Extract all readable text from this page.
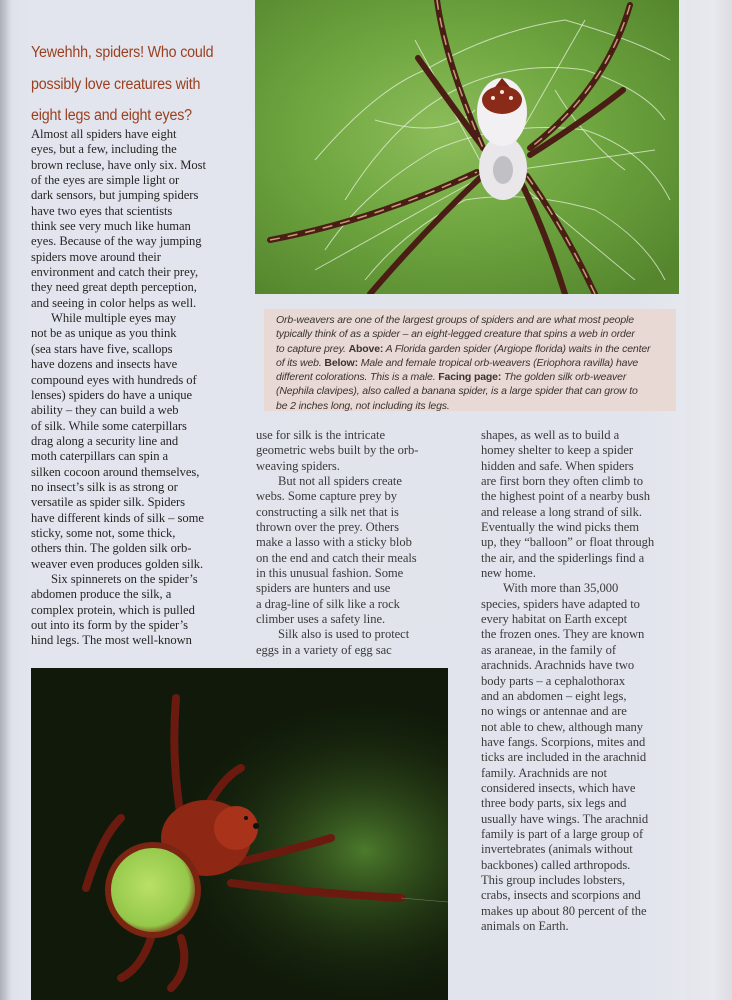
Yewehhh, spiders! Who could
possibly love creatures with
eight legs and eight eyes?
Almost all spiders have eight
eyes, but a few, including the
brown recluse, have only six. Most
of the eyes are simple light or
dark sensors, but jumping spiders
have two eyes that scientists
think see very much like human
eyes. Because of the way jumping
spiders move around their
environment and catch their prey,
they need great depth perception,
and seeing in color helps as well.
While multiple eyes may
not be as unique as you think
(sea stars have five, scallops
have dozens and insects have
compound eyes with hundreds of
lenses) spiders do have a unique
ability – they can build a web
of silk. While some caterpillars
drag along a security line and
moth caterpillars can spin a
silken cocoon around themselves,
no insect’s silk is as strong or
versatile as spider silk. Spiders
have different kinds of silk – some
sticky, some not, some thick,
others thin. The golden silk orb-
weaver even produces golden silk.
Six spinnerets on the spider’s
abdomen produce the silk, a
complex protein, which is pulled
out into its form by the spider’s
hind legs. The most well-known
Orb-weavers are one of the largest groups of spiders and are what most people
typically think of as a spider – an eight-legged creature that spins a web in order
to capture prey. Above: A Florida garden spider (Argiope florida) waits in the center
of its web. Below: Male and female tropical orb-weavers (Eriophora ravilla) have
different colorations. This is a male. Facing page: The golden silk orb-weaver
(Nephila clavipes), also called a banana spider, is a large spider that can grow to
be 2 inches long, not including its legs.
use for silk is the intricate
geometric webs built by the orb-
weaving spiders.
But not all spiders create
webs. Some capture prey by
constructing a silk net that is
thrown over the prey. Others
make a lasso with a sticky blob
on the end and catch their meals
in this unusual fashion. Some
spiders are hunters and use
a drag-line of silk like a rock
climber uses a safety line.
Silk also is used to protect
eggs in a variety of egg sac
shapes, as well as to build a
homey shelter to keep a spider
hidden and safe. When spiders
are first born they often climb to
the highest point of a nearby bush
and release a long strand of silk.
Eventually the wind picks them
up, they “balloon” or float through
the air, and the spiderlings find a
new home.
With more than 35,000
species, spiders have adapted to
every habitat on Earth except
the frozen ones. They are known
as araneae, in the family of
arachnids. Arachnids have two
body parts – a cephalothorax
and an abdomen – eight legs,
no wings or antennae and are
not able to chew, although many
have fangs. Scorpions, mites and
ticks are included in the arachnid
family. Arachnids are not
considered insects, which have
three body parts, six legs and
usually have wings. The arachnid
family is part of a large group of
invertebrates (animals without
backbones) called arthropods.
This group includes lobsters,
crabs, insects and scorpions and
makes up about 80 percent of the
animals on Earth.
